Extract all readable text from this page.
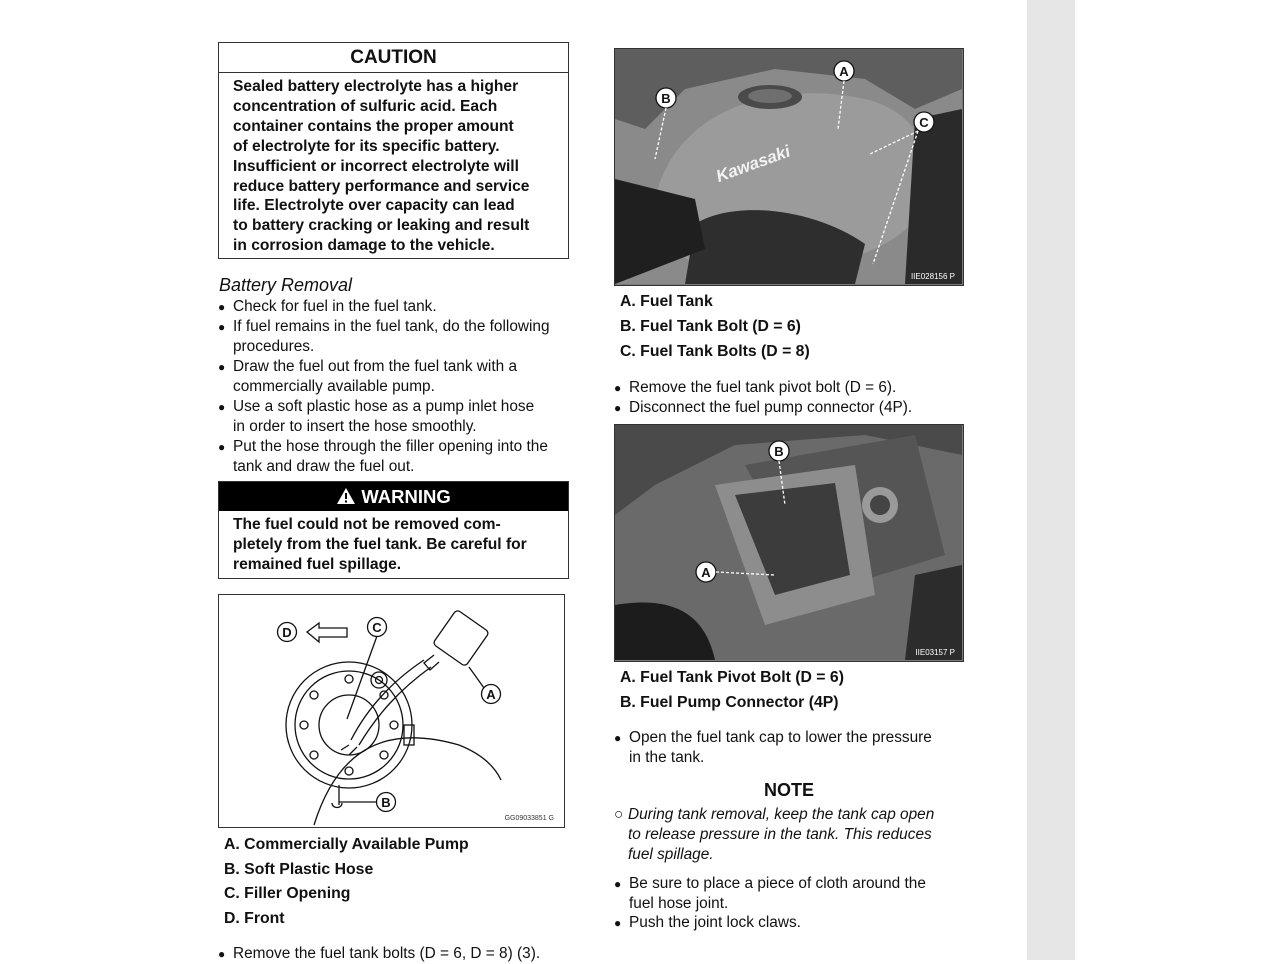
CAUTION
Sealed battery electrolyte has a higher
concentration of sulfuric acid. Each
container contains the proper amount
of electrolyte for its specific battery.
Insufficient or incorrect electrolyte will
reduce battery performance and service
life. Electrolyte over capacity can lead
to battery cracking or leaking and result
in corrosion damage to the vehicle.
Battery Removal
● Check for fuel in the fuel tank.
● If fuel remains in the fuel tank, do the following
procedures.
● Draw the fuel out from the fuel tank with a
commercially available pump.
● Use a soft plastic hose as a pump inlet hose
in order to insert the hose smoothly.
● Put the hose through the filler opening into the
tank and draw the fuel out.
WARNING
The fuel could not be removed com-
pletely from the fuel tank. Be careful for
remained fuel spillage.
D	C
A
B
GG09033851 G
A. Commercially Available Pump
B. Soft Plastic Hose
C. Filler Opening
D. Front
● Remove the fuel tank bolts (D = 6, D = 8) (3).
Kawasaki
A
B
C
IIE028156 P
A. Fuel Tank
B. Fuel Tank Bolt (D = 6)
C. Fuel Tank Bolts (D = 8)
● Remove the fuel tank pivot bolt (D = 6).
● Disconnect the fuel pump connector (4P).
B
A
IIE03157 P
A. Fuel Tank Pivot Bolt (D = 6)
B. Fuel Pump Connector (4P)
● Open the fuel tank cap to lower the pressure
in the tank.
NOTE
○ During tank removal, keep the tank cap open
to release pressure in the tank. This reduces
fuel spillage.
● Be sure to place a piece of cloth around the
fuel hose joint.
● Push the joint lock claws.
